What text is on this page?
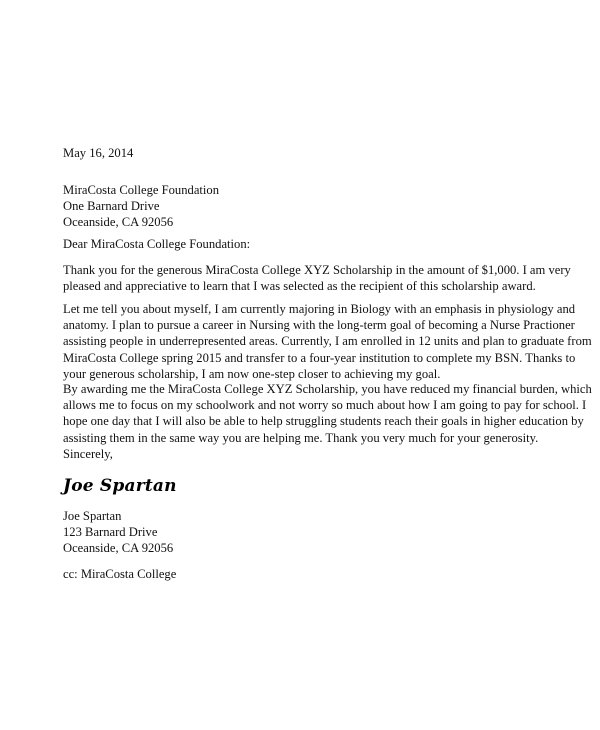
May 16, 2014
MiraCosta College Foundation
One Barnard Drive
Oceanside, CA 92056
Dear MiraCosta College Foundation:

Thank you for the generous MiraCosta College XYZ Scholarship in the amount of $1,000. I am very
pleased and appreciative to learn that I was selected as the recipient of this scholarship award.

Let me tell you about myself, I am currently majoring in Biology with an emphasis in physiology and
anatomy. I plan to pursue a career in Nursing with the long-term goal of becoming a Nurse Practioner
assisting people in underrepresented areas. Currently, I am enrolled in 12 units and plan to graduate from
MiraCosta College spring 2015 and transfer to a four-year institution to complete my BSN. Thanks to
your generous scholarship, I am now one-step closer to achieving my goal.

By awarding me the MiraCosta College XYZ Scholarship, you have reduced my financial burden, which
allows me to focus on my schoolwork and not worry so much about how I am going to pay for school. I
hope one day that I will also be able to help struggling students reach their goals in higher education by
assisting them in the same way you are helping me. Thank you very much for your generosity.

Sincerely,
Joe Spartan
Joe Spartan
123 Barnard Drive
Oceanside, CA 92056
cc: MiraCosta College
